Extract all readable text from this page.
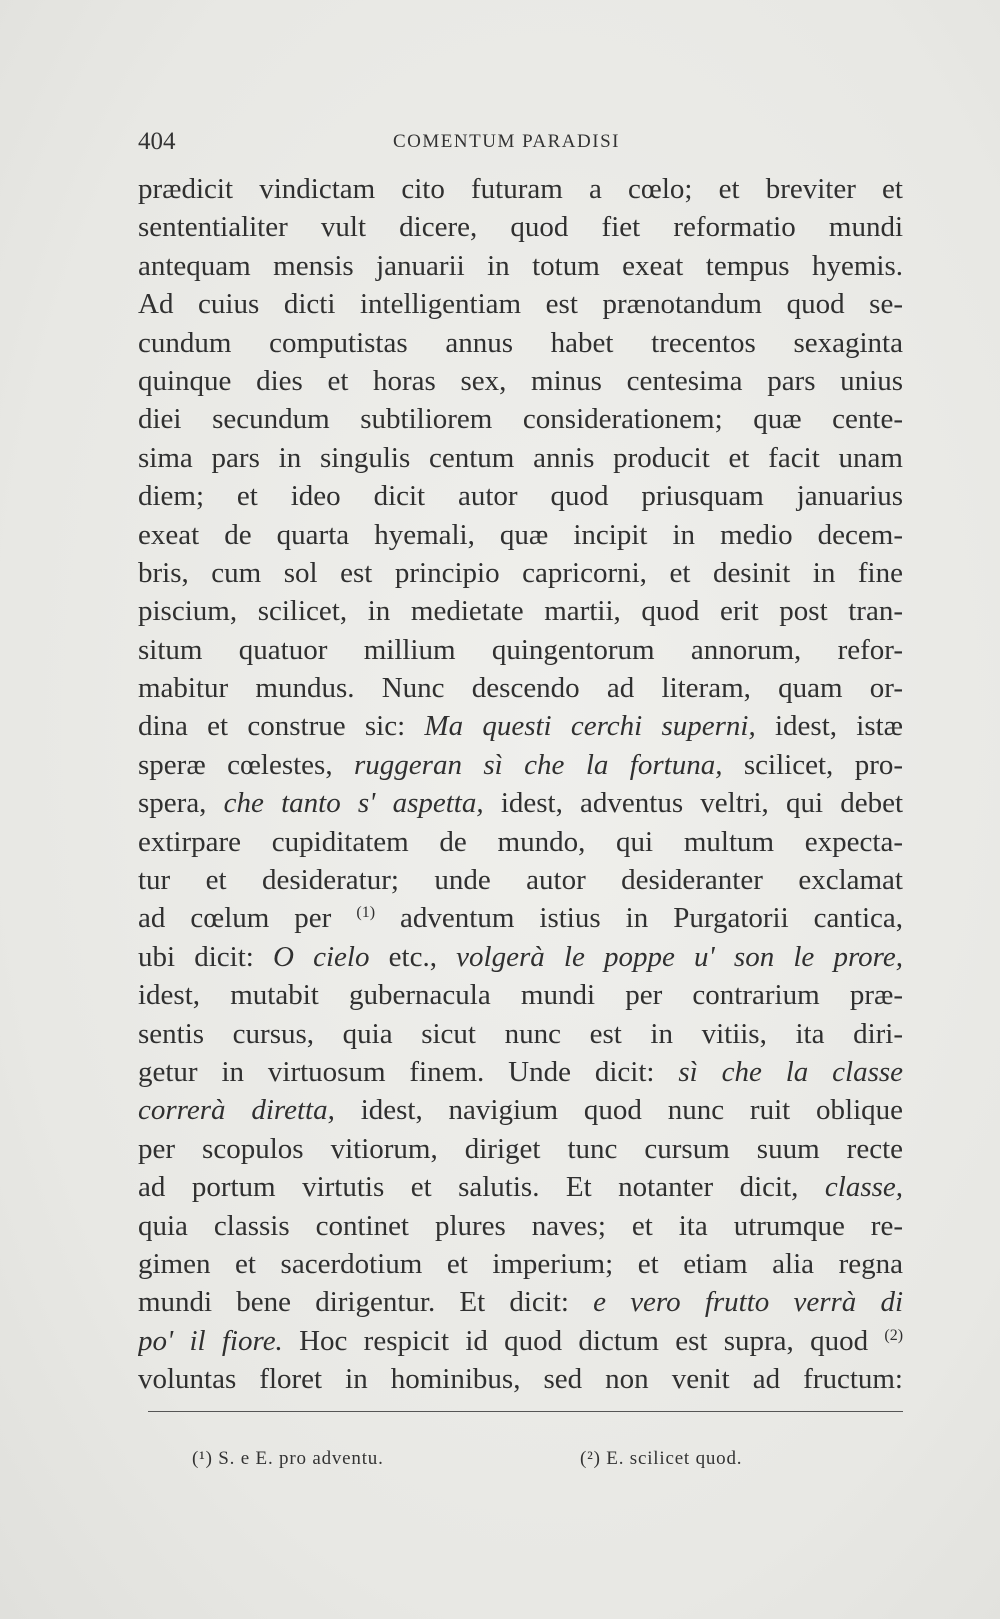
404	COMENTUM PARADISI
prædicit vindictam cito futuram a cœlo; et breviter et
sententialiter vult dicere, quod fiet reformatio mundi
antequam mensis januarii in totum exeat tempus hyemis.
Ad cuius dicti intelligentiam est prænotandum quod se-
cundum computistas annus habet trecentos sexaginta
quinque dies et horas sex, minus centesima pars unius
diei secundum subtiliorem considerationem; quæ cente-
sima pars in singulis centum annis producit et facit unam
diem; et ideo dicit autor quod priusquam januarius
exeat de quarta hyemali, quæ incipit in medio decem-
bris, cum sol est principio capricorni, et desinit in fine
piscium, scilicet, in medietate martii, quod erit post tran-
situm quatuor millium quingentorum annorum, refor-
mabitur mundus. Nunc descendo ad literam, quam or-
dina et construe sic: Ma questi cerchi superni, idest, istæ
speræ cœlestes, ruggeran sì che la fortuna, scilicet, pro-
spera, che tanto s' aspetta, idest, adventus veltri, qui debet
extirpare cupiditatem de mundo, qui multum expecta-
tur et desideratur; unde autor desideranter exclamat
ad cœlum per $^{(1)}$ adventum istius in Purgatorii cantica,
ubi dicit: O cielo etc., volgerà le poppe u' son le prore,
idest, mutabit gubernacula mundi per contrarium præ-
sentis cursus, quia sicut nunc est in vitiis, ita diri-
getur in virtuosum finem. Unde dicit: sì che la classe
correrà diretta, idest, navigium quod nunc ruit oblique
per scopulos vitiorum, diriget tunc cursum suum recte
ad portum virtutis et salutis. Et notanter dicit, classe,
quia classis continet plures naves; et ita utrumque re-
gimen et sacerdotium et imperium; et etiam alia regna
mundi bene dirigentur. Et dicit: e vero frutto verrà di
po' il fiore. Hoc respicit id quod dictum est supra, quod $^{(2)}$
voluntas floret in hominibus, sed non venit ad fructum:
(¹) S. e E. pro adventu.	(²) E. scilicet quod.
